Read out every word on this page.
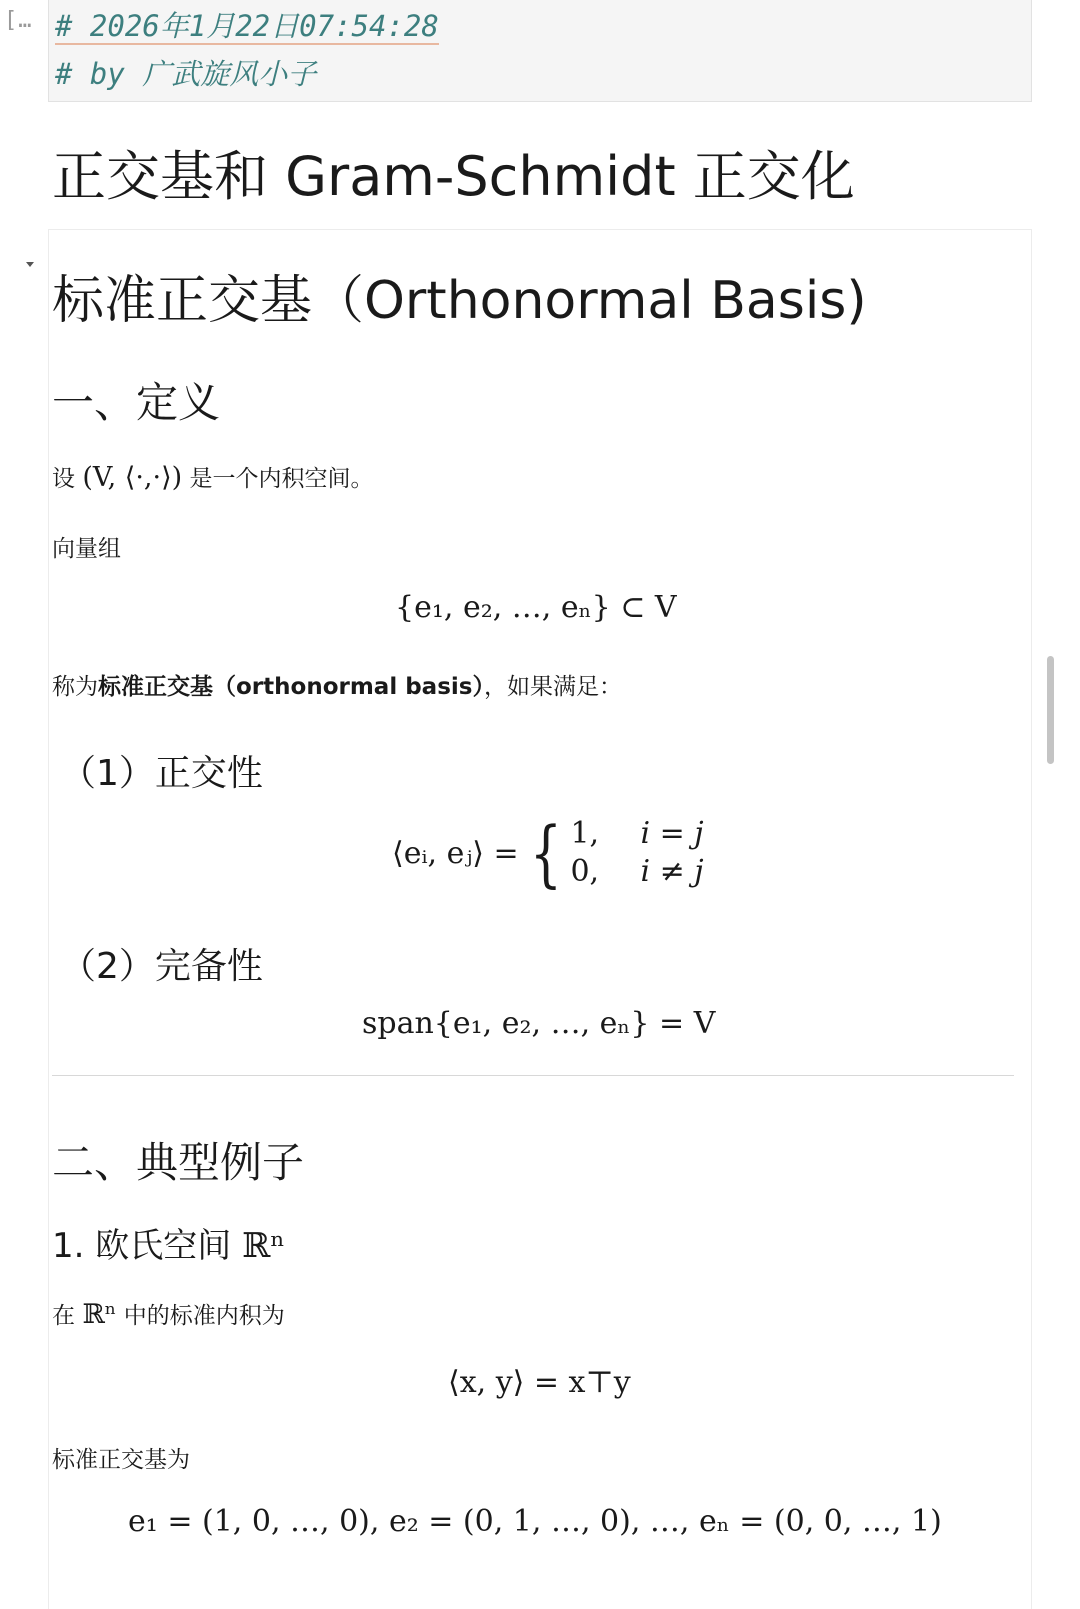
[… # 2026年1月22日07:54:28
# by 广武旋风小子
正交基和 Gram-Schmidt 正交化
标准正交基（Orthonormal Basis)
一、定义
设 (V, ⟨·,·⟩) 是一个内积空间。
向量组
{e₁, e₂, …, eₙ} ⊂ V
称为标准正交基（orthonormal basis），如果满足：
（1）正交性
⟨eᵢ, eⱼ⟩ = { 1,	i = j
0,	i ≠ j
（2）完备性
span{e₁, e₂, …, eₙ} = V
二、典型例子
1. 欧氏空间 ℝⁿ
在 ℝⁿ 中的标准内积为
⟨x, y⟩ = x⊤y
标准正交基为
e₁ = (1, 0, …, 0), e₂ = (0, 1, …, 0), …, eₙ = (0, 0, …, 1)
